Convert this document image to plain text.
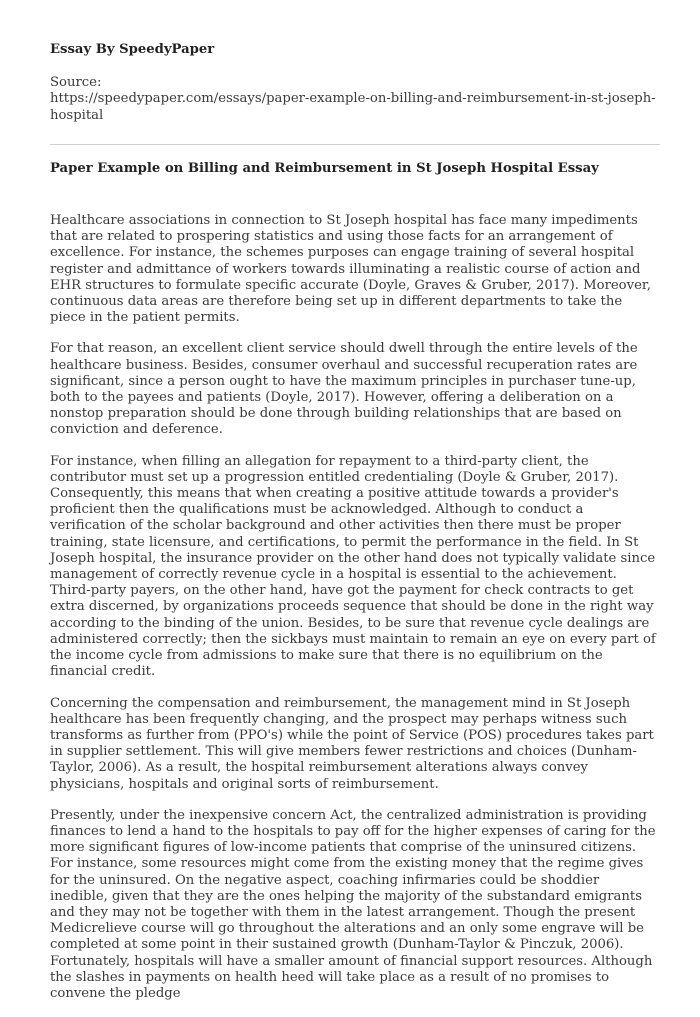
Essay By SpeedyPaper

Source:

https://speedypaper.com/essays/paper-example-on-billing-and-reimbursement-in-st-joseph-hospital

Paper Example on Billing and Reimbursement in St Joseph Hospital Essay

Healthcare associations in connection to St Joseph hospital has face many impediments that are related to prospering statistics and using those facts for an arrangement of excellence. For instance, the schemes purposes can engage training of several hospital register and admittance of workers towards illuminating a realistic course of action and EHR structures to formulate specific accurate (Doyle, Graves & Gruber, 2017). Moreover, continuous data areas are therefore being set up in different departments to take the piece in the patient permits.

For that reason, an excellent client service should dwell through the entire levels of the healthcare business. Besides, consumer overhaul and successful recuperation rates are significant, since a person ought to have the maximum principles in purchaser tune-up, both to the payees and patients (Doyle, 2017). However, offering a deliberation on a nonstop preparation should be done through building relationships that are based on conviction and deference.

For instance, when filling an allegation for repayment to a third-party client, the contributor must set up a progression entitled credentialing (Doyle & Gruber, 2017). Consequently, this means that when creating a positive attitude towards a provider's proficient then the qualifications must be acknowledged. Although to conduct a verification of the scholar background and other activities then there must be proper training, state licensure, and certifications, to permit the performance in the field. In St Joseph hospital, the insurance provider on the other hand does not typically validate since management of correctly revenue cycle in a hospital is essential to the achievement. Third-party payers, on the other hand, have got the payment for check contracts to get extra discerned, by organizations proceeds sequence that should be done in the right way according to the binding of the union. Besides, to be sure that revenue cycle dealings are administered correctly; then the sickbays must maintain to remain an eye on every part of the income cycle from admissions to make sure that there is no equilibrium on the financial credit.

Concerning the compensation and reimbursement, the management mind in St Joseph healthcare has been frequently changing, and the prospect may perhaps witness such transforms as further from (PPO's) while the point of Service (POS) procedures takes part in supplier settlement. This will give members fewer restrictions and choices (Dunham-Taylor, 2006). As a result, the hospital reimbursement alterations always convey physicians, hospitals and original sorts of reimbursement.

Presently, under the inexpensive concern Act, the centralized administration is providing finances to lend a hand to the hospitals to pay off for the higher expenses of caring for the more significant figures of low-income patients that comprise of the uninsured citizens. For instance, some resources might come from the existing money that the regime gives for the uninsured. On the negative aspect, coaching infirmaries could be shoddier inedible, given that they are the ones helping the majority of the substandard emigrants and they may not be together with them in the latest arrangement. Though the present Medicrelieve course will go throughout the alterations and an only some engrave will be completed at some point in their sustained growth (Dunham-Taylor & Pinczuk, 2006). Fortunately, hospitals will have a smaller amount of financial support resources. Although the slashes in payments on health heed will take place as a result of no promises to convene the pledge
